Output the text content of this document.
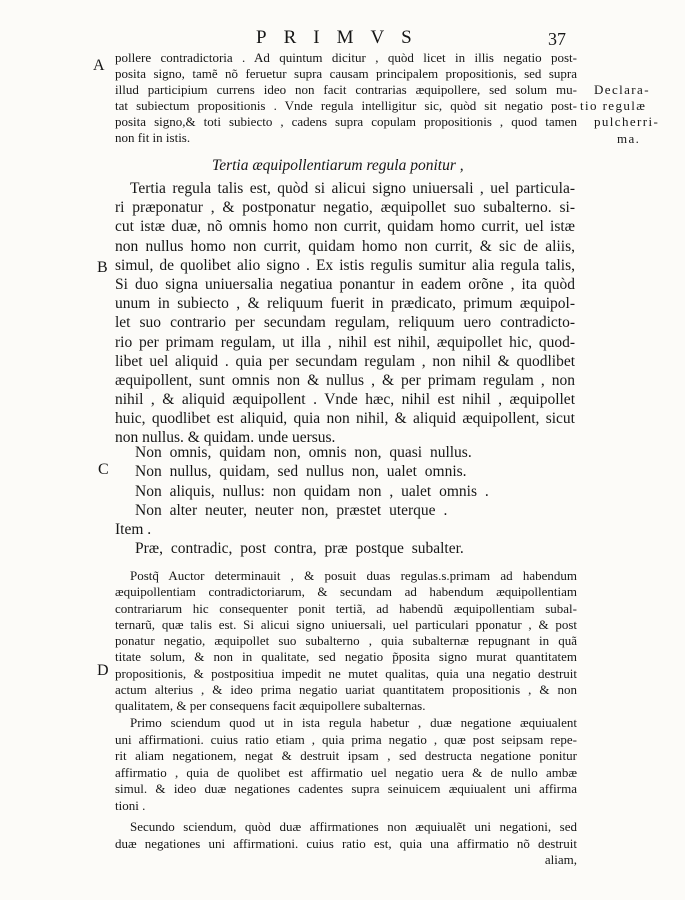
PRIMVS	37
A
B
C
D
Declara-
tio regulæ
pulcherri-
ma.
pollere contradictoria . Ad quintum dicitur , quòd licet in illis negatio post-
posita signo, tamẽ nõ feruetur supra causam principalem propositionis, sed supra
illud participium currens ideo non facit contrarias æquipollere, sed solum mu-
tat subiectum propositionis . Vnde regula intelligitur sic, quòd sit negatio post-
posita signo,& toti subiecto , cadens supra copulam propositionis , quod tamen
non fit in istis.
Tertia æquipollentiarum regula ponitur ,
Tertia regula talis est, quòd si alicui signo uniuersali , uel particula-
ri præponatur , & postponatur negatio, æquipollet suo subalterno. si-
cut istæ duæ, nõ omnis homo non currit, quidam homo currit, uel istæ
non nullus homo non currit, quidam homo non currit, & sic de aliis,
simul, de quolibet alio signo . Ex istis regulis sumitur alia regula talis,
Si duo signa uniuersalia negatiua ponantur in eadem orõne , ita quòd
unum in subiecto , & reliquum fuerit in prædicato, primum æquipol-
let suo contrario per secundam regulam, reliquum uero contradicto-
rio per primam regulam, ut illa , nihil est nihil, æquipollet hic, quod-
libet uel aliquid . quia per secundam regulam , non nihil & quodlibet
æquipollent, sunt omnis non & nullus , & per primam regulam , non
nihil , & aliquid æquipollent . Vnde hæc, nihil est nihil , æquipollet
huic, quodlibet est aliquid, quia non nihil, & aliquid æquipollent, sicut
non nullus. & quidam. unde uersus.
Non omnis, quidam non, omnis non, quasi nullus.
Non nullus, quidam, sed nullus non, ualet omnis.
Non aliquis, nullus: non quidam non , ualet omnis .
Non alter neuter, neuter non, præstet uterque .
Item .
Præ, contradic, post contra, præ postque subalter.
Postq̃ Auctor determinauit , & posuit duas regulas.s.primam ad habendum
æquipollentiam contradictoriarum, & secundam ad habendum æquipollentiam
contrariarum hic consequenter ponit tertiã, ad habendũ æquipollentiam subal-
ternarũ, quæ talis est. Si alicui signo uniuersali, uel particulari pponatur , & post
ponatur negatio, æquipollet suo subalterno , quia subalternæ repugnant in quã
titate solum, & non in qualitate, sed negatio p̃posita signo murat quantitatem
propositionis, & postpositiua impedit ne mutet qualitas, quia una negatio destruit
actum alterius , & ideo prima negatio uariat quantitatem propositionis , & non
qualitatem, & per consequens facit æquipollere subalternas.
Primo sciendum quod ut in ista regula habetur , duæ negatione æquiualent
uni affirmationi. cuius ratio etiam , quia prima negatio , quæ post seipsam repe-
rit aliam negationem, negat & destruit ipsam , sed destructa negatione ponitur
affirmatio , quia de quolibet est affirmatio uel negatio uera & de nullo ambæ
simul. & ideo duæ negationes cadentes supra seinuicem æquiualent uni affirma
tioni .
Secundo sciendum, quòd duæ affirmationes non æquiualẽt uni negationi, sed
duæ negationes uni affirmationi. cuius ratio est, quia una affirmatio nõ destruit
aliam,
